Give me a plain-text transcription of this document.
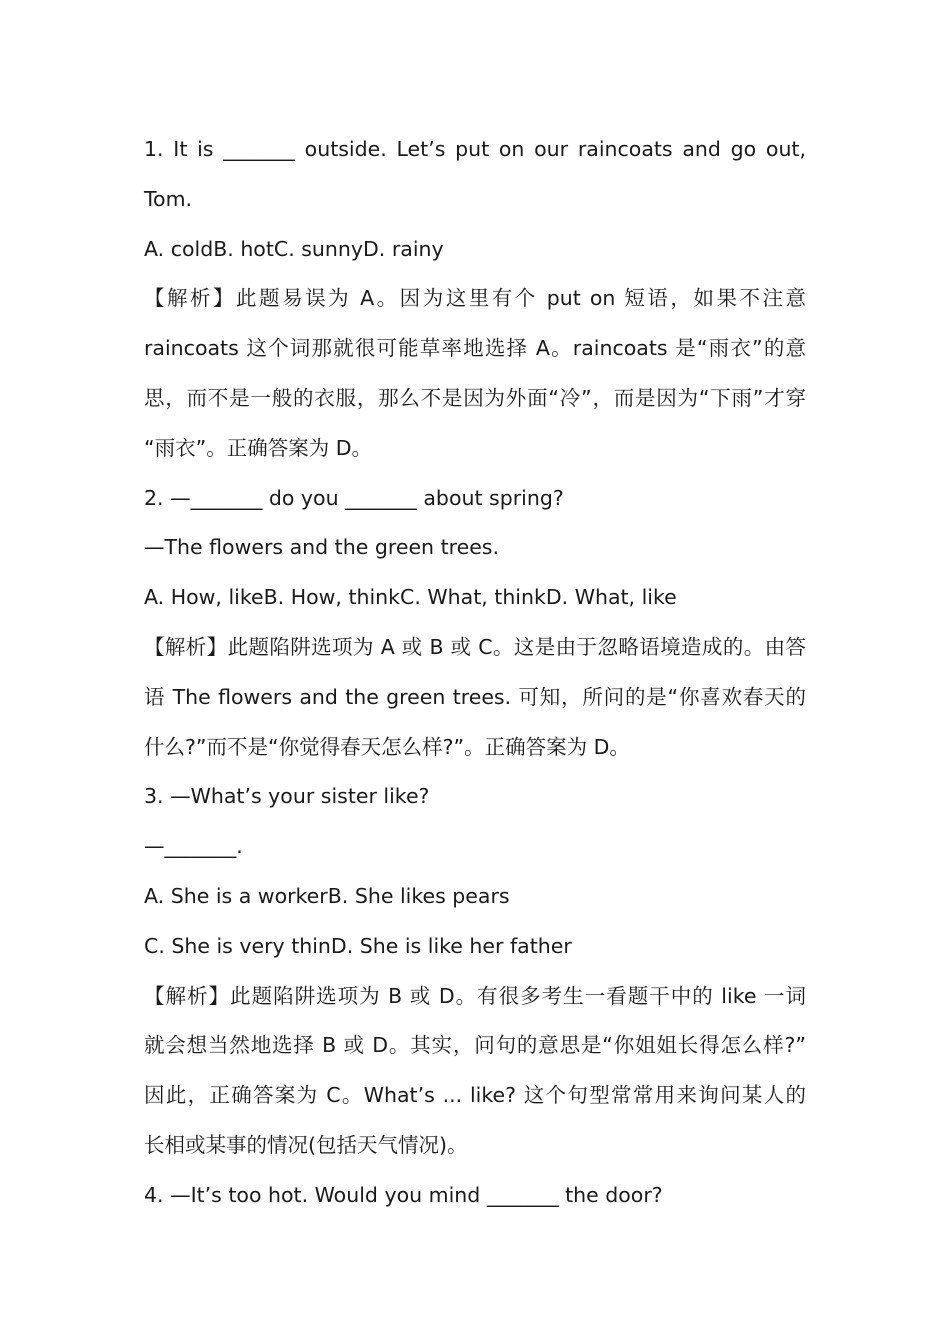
1. It is _______ outside. Let’s put on our raincoats and go out,

Tom.

A. coldB. hotC. sunnyD. rainy

【解析】此题易误为 A。因为这里有个 put on 短语，如果不注意

raincoats 这个词那就很可能草率地选择 A。raincoats 是“雨衣”的意

思，而不是一般的衣服，那么不是因为外面“冷”，而是因为“下雨”才穿

“雨衣”。正确答案为 D。

2. —_______ do you _______ about spring?

—The flowers and the green trees.

A. How, likeB. How, thinkC. What, thinkD. What, like

【解析】此题陷阱选项为 A 或 B 或 C。这是由于忽略语境造成的。由答

语 The flowers and the green trees. 可知，所问的是“你喜欢春天的

什么?”而不是“你觉得春天怎么样?”。正确答案为 D。

3. —What’s your sister like?

—_______.

A. She is a workerB. She likes pears

C. She is very thinD. She is like her father

【解析】此题陷阱选项为 B 或 D。有很多考生一看题干中的 like 一词

就会想当然地选择 B 或 D。其实，问句的意思是“你姐姐长得怎么样?”

因此，正确答案为 C。What’s ... like? 这个句型常常用来询问某人的

长相或某事的情况(包括天气情况)。

4. —It’s too hot. Would you mind _______ the door?
